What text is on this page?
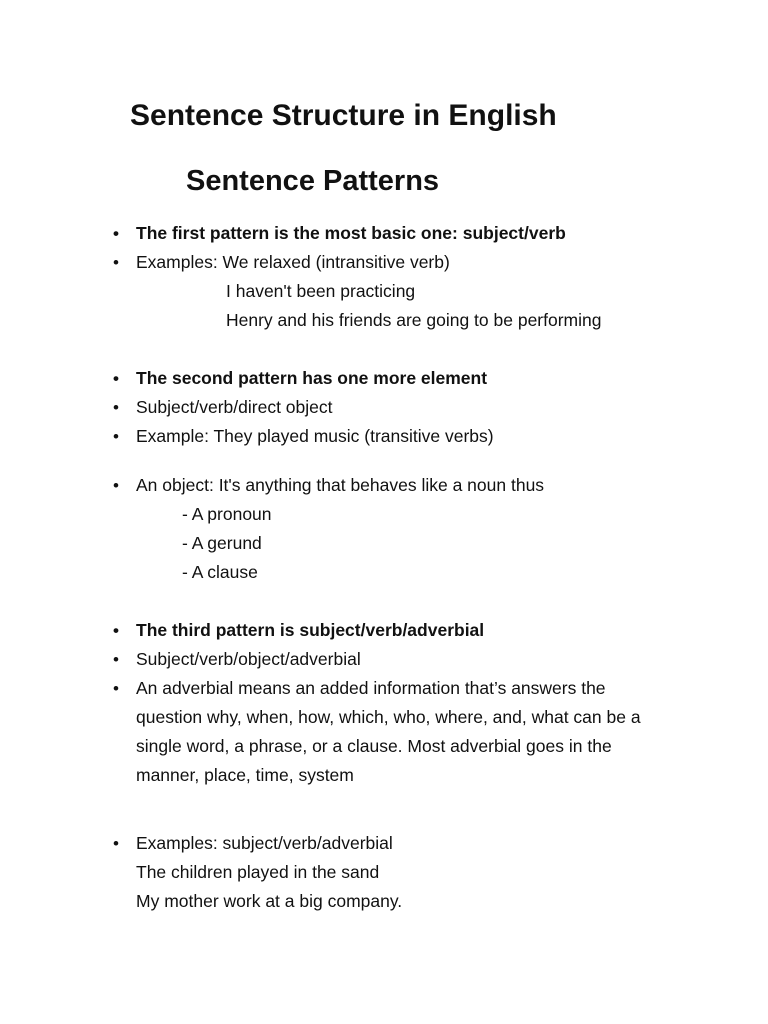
Sentence Structure in English
Sentence Patterns
• The first pattern is the most basic one: subject/verb
• Examples: We relaxed (intransitive verb)
I haven't been practicing
Henry and his friends are going to be performing
• The second pattern has one more element
• Subject/verb/direct object
• Example: They played music (transitive verbs)
• An object: It's anything that behaves like a noun thus
- A pronoun
- A gerund
- A clause
• The third pattern is subject/verb/adverbial
• Subject/verb/object/adverbial
• An adverbial means an added information that’s answers the
question why, when, how, which, who, where, and, what can be a
single word, a phrase, or a clause. Most adverbial goes in the
manner, place, time, system
• Examples: subject/verb/adverbial
The children played in the sand
My mother work at a big company.
